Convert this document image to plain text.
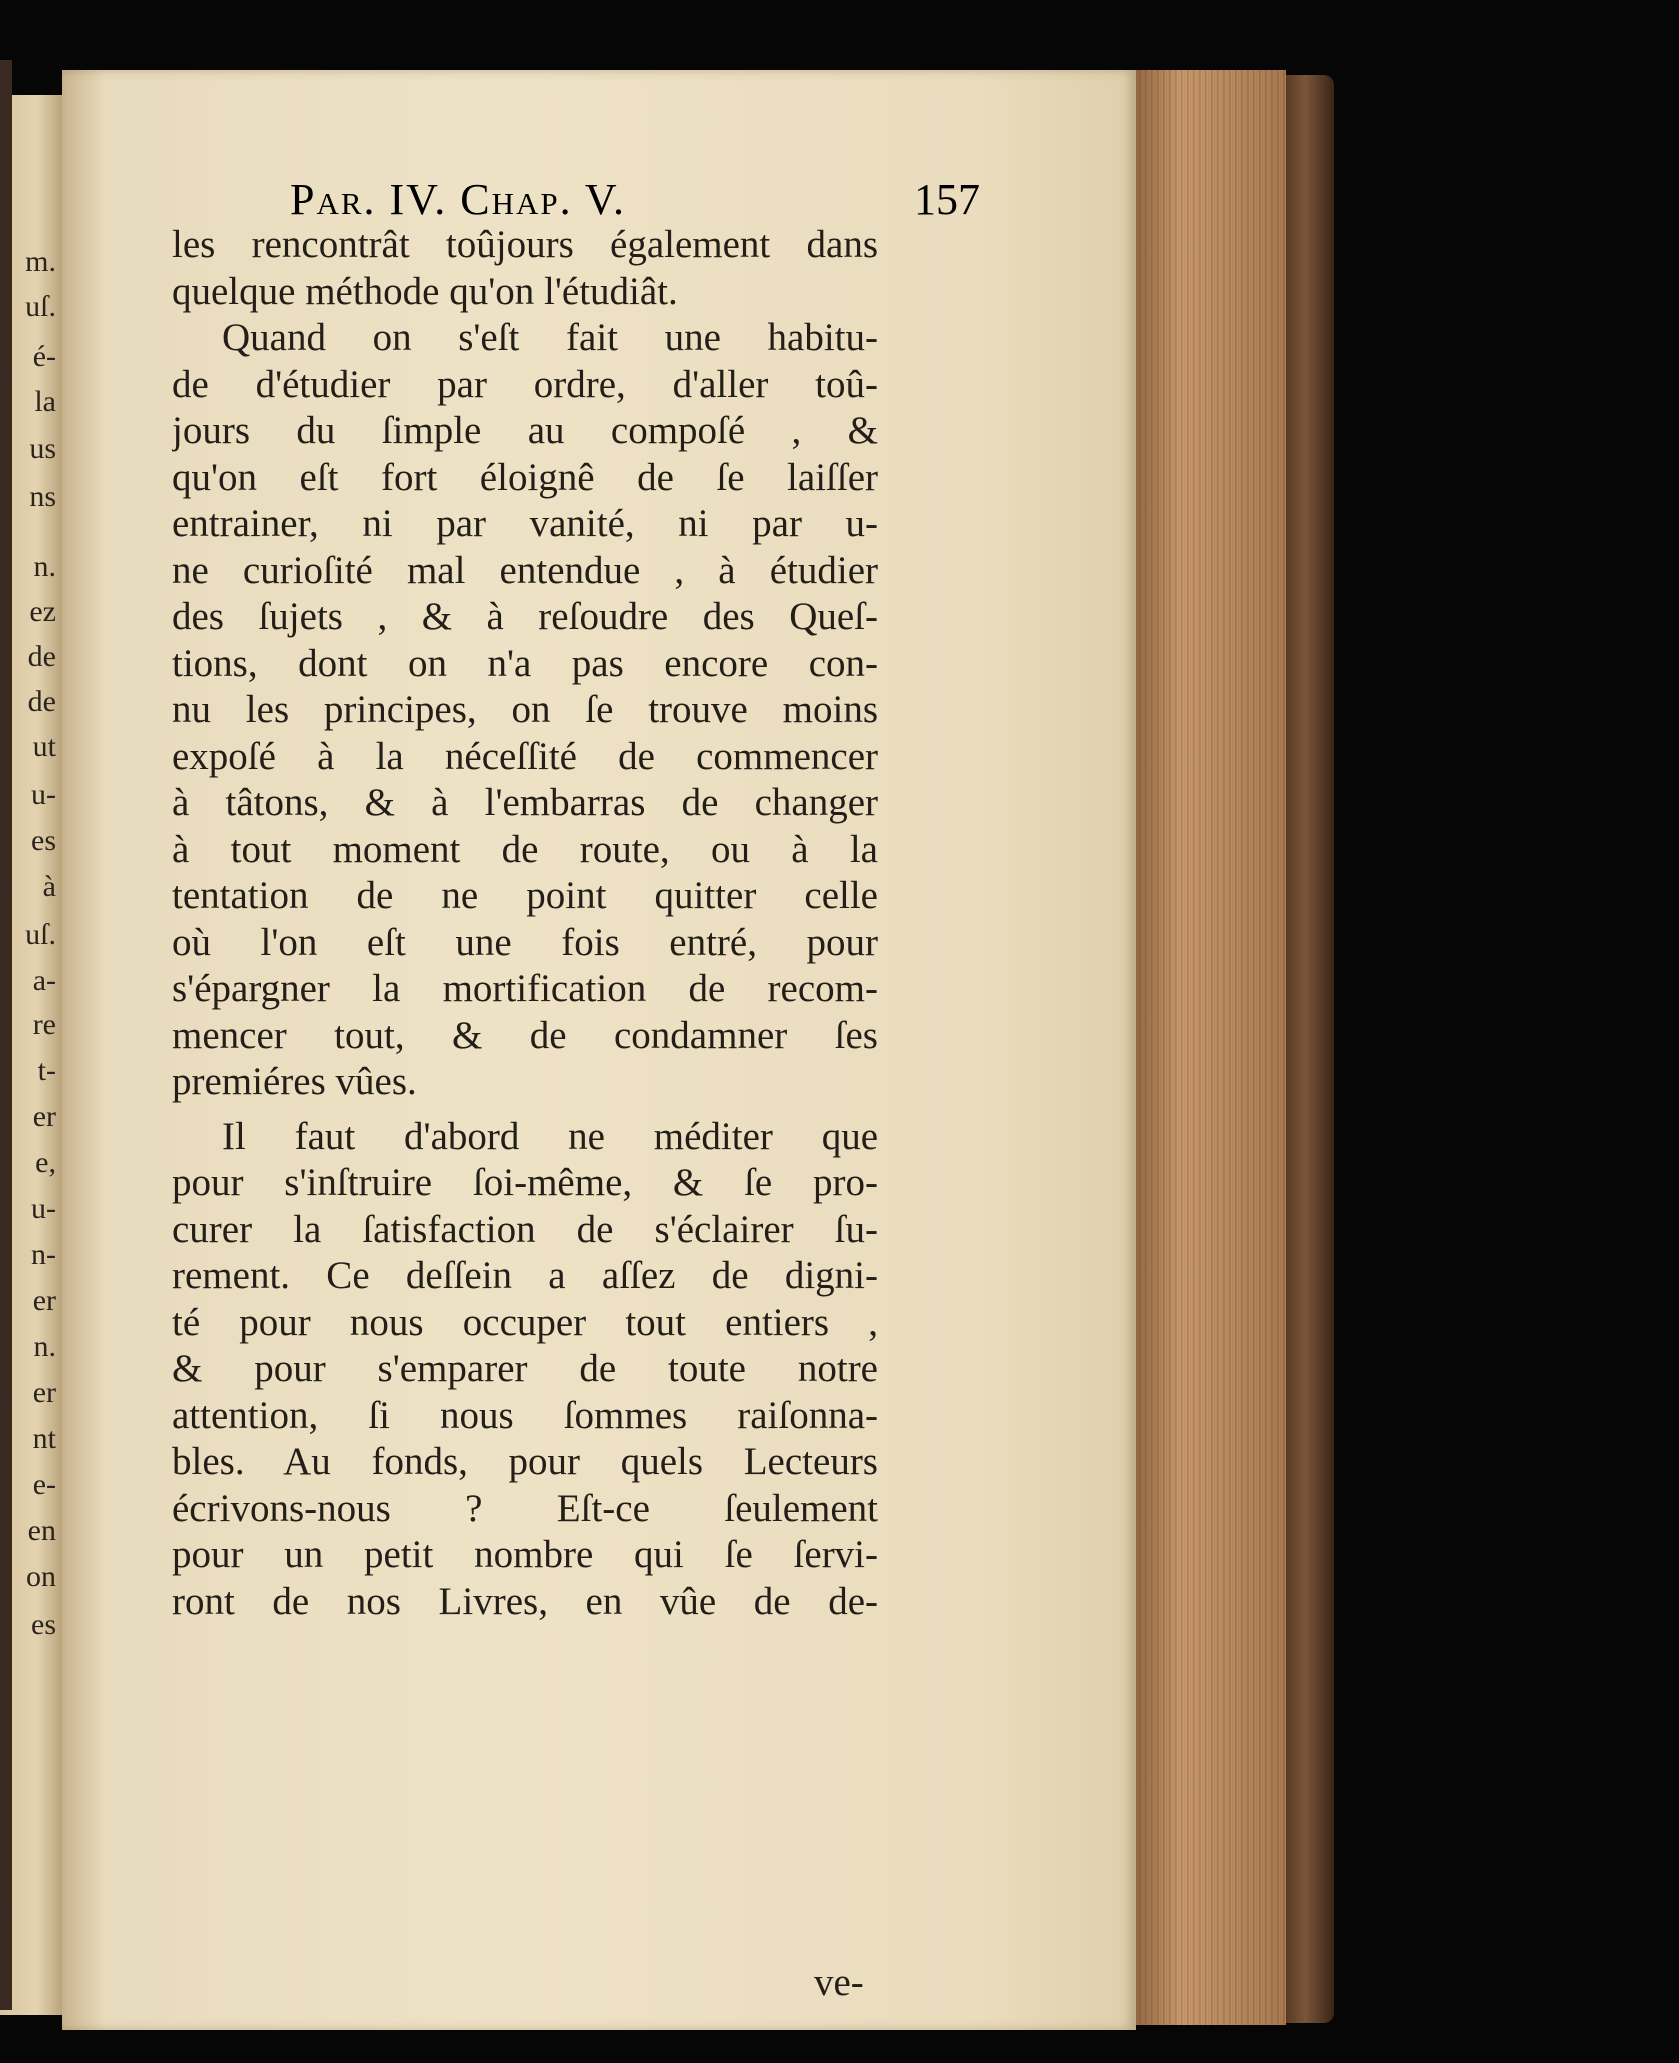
m.
uſ.
é-
la
us
ns
n.
ez
de
de
ut
u-
es
à
uſ.
a-
re
t-
er
e,
u-
n-
er
n.
er
nt
e-
en
on
es
Par. IV. Chap. V.	157
les rencontrât toûjours également dans
quelque méthode qu'on l'étudiât.
Quand on s'eſt fait une habitu-
de d'étudier par ordre, d'aller toû-
jours du ſimple au compoſé , &
qu'on eſt fort éloignê de ſe laiſſer
entrainer, ni par vanité, ni par u-
ne curioſité mal entendue , à étudier
des ſujets , & à reſoudre des Queſ-
tions, dont on n'a pas encore con-
nu les principes, on ſe trouve moins
expoſé à la néceſſité de commencer
à tâtons, & à l'embarras de changer
à tout moment de route, ou à la
tentation de ne point quitter celle
où l'on eſt une fois entré, pour
s'épargner la mortification de recom-
mencer tout, & de condamner ſes
premiéres vûes.
Il faut d'abord ne méditer que
pour s'inſtruire ſoi-même, & ſe pro-
curer la ſatisfaction de s'éclairer ſu-
rement. Ce deſſein a aſſez de digni-
té pour nous occuper tout entiers ,
& pour s'emparer de toute notre
attention, ſi nous ſommes raiſonna-
bles. Au fonds, pour quels Lecteurs
écrivons-nous ? Eſt-ce ſeulement
pour un petit nombre qui ſe ſervi-
ront de nos Livres, en vûe de de-
ve-
